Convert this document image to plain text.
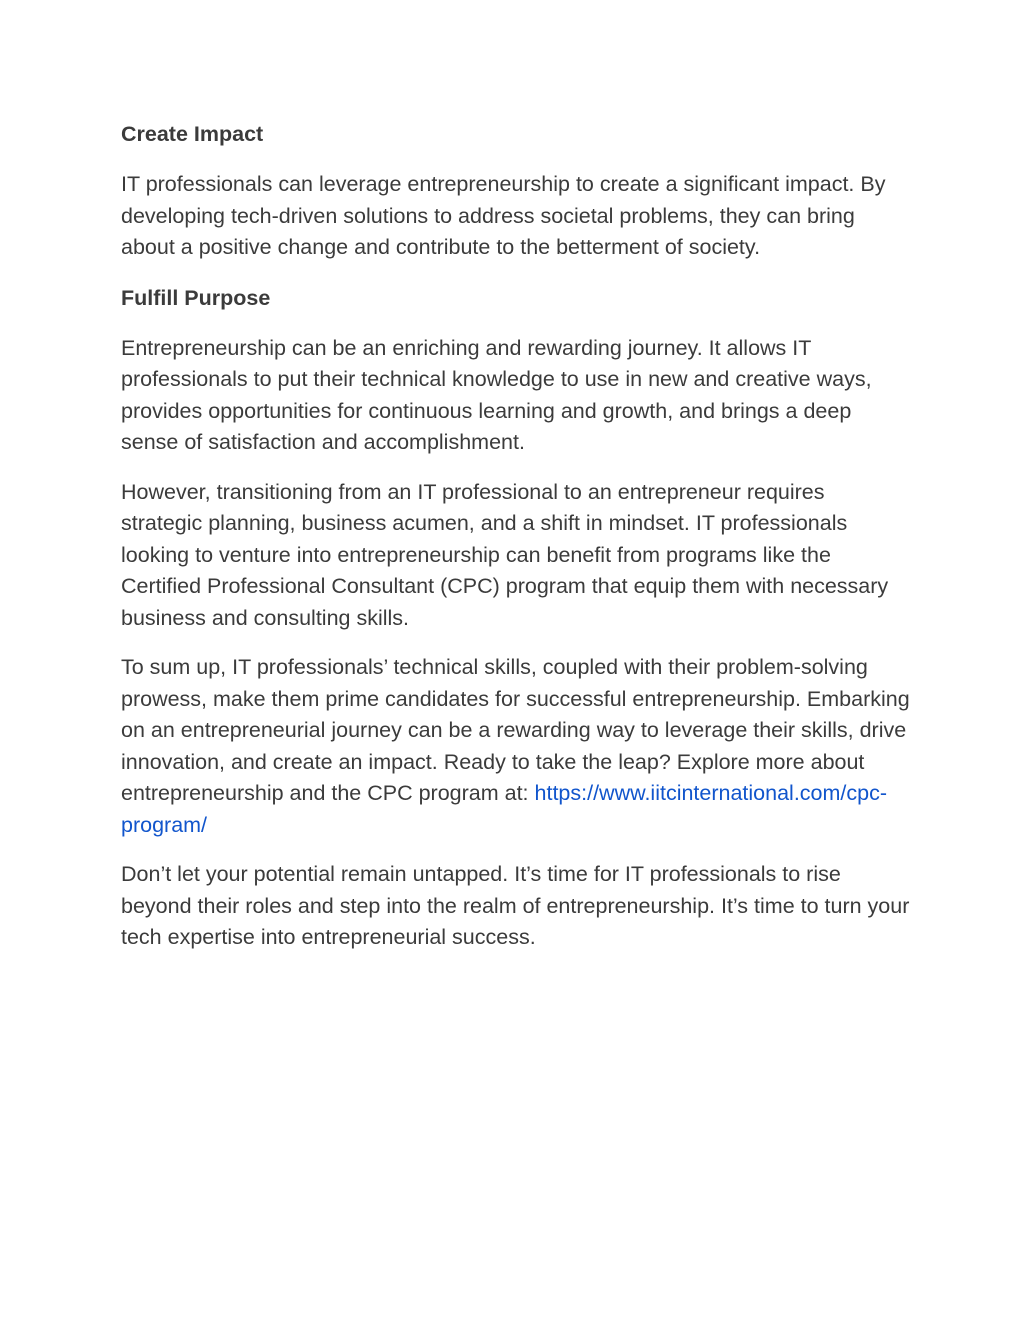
Create Impact

IT professionals can leverage entrepreneurship to create a significant impact. By developing tech-driven solutions to address societal problems, they can bring about a positive change and contribute to the betterment of society.

Fulfill Purpose

Entrepreneurship can be an enriching and rewarding journey. It allows IT professionals to put their technical knowledge to use in new and creative ways, provides opportunities for continuous learning and growth, and brings a deep sense of satisfaction and accomplishment.

However, transitioning from an IT professional to an entrepreneur requires strategic planning, business acumen, and a shift in mindset. IT professionals looking to venture into entrepreneurship can benefit from programs like the Certified Professional Consultant (CPC) program that equip them with necessary business and consulting skills.

To sum up, IT professionals’ technical skills, coupled with their problem-solving prowess, make them prime candidates for successful entrepreneurship. Embarking on an entrepreneurial journey can be a rewarding way to leverage their skills, drive innovation, and create an impact. Ready to take the leap? Explore more about entrepreneurship and the CPC program at: https://www.iitcinternational.com/cpc-program/

Don’t let your potential remain untapped. It’s time for IT professionals to rise beyond their roles and step into the realm of entrepreneurship. It’s time to turn your tech expertise into entrepreneurial success.
